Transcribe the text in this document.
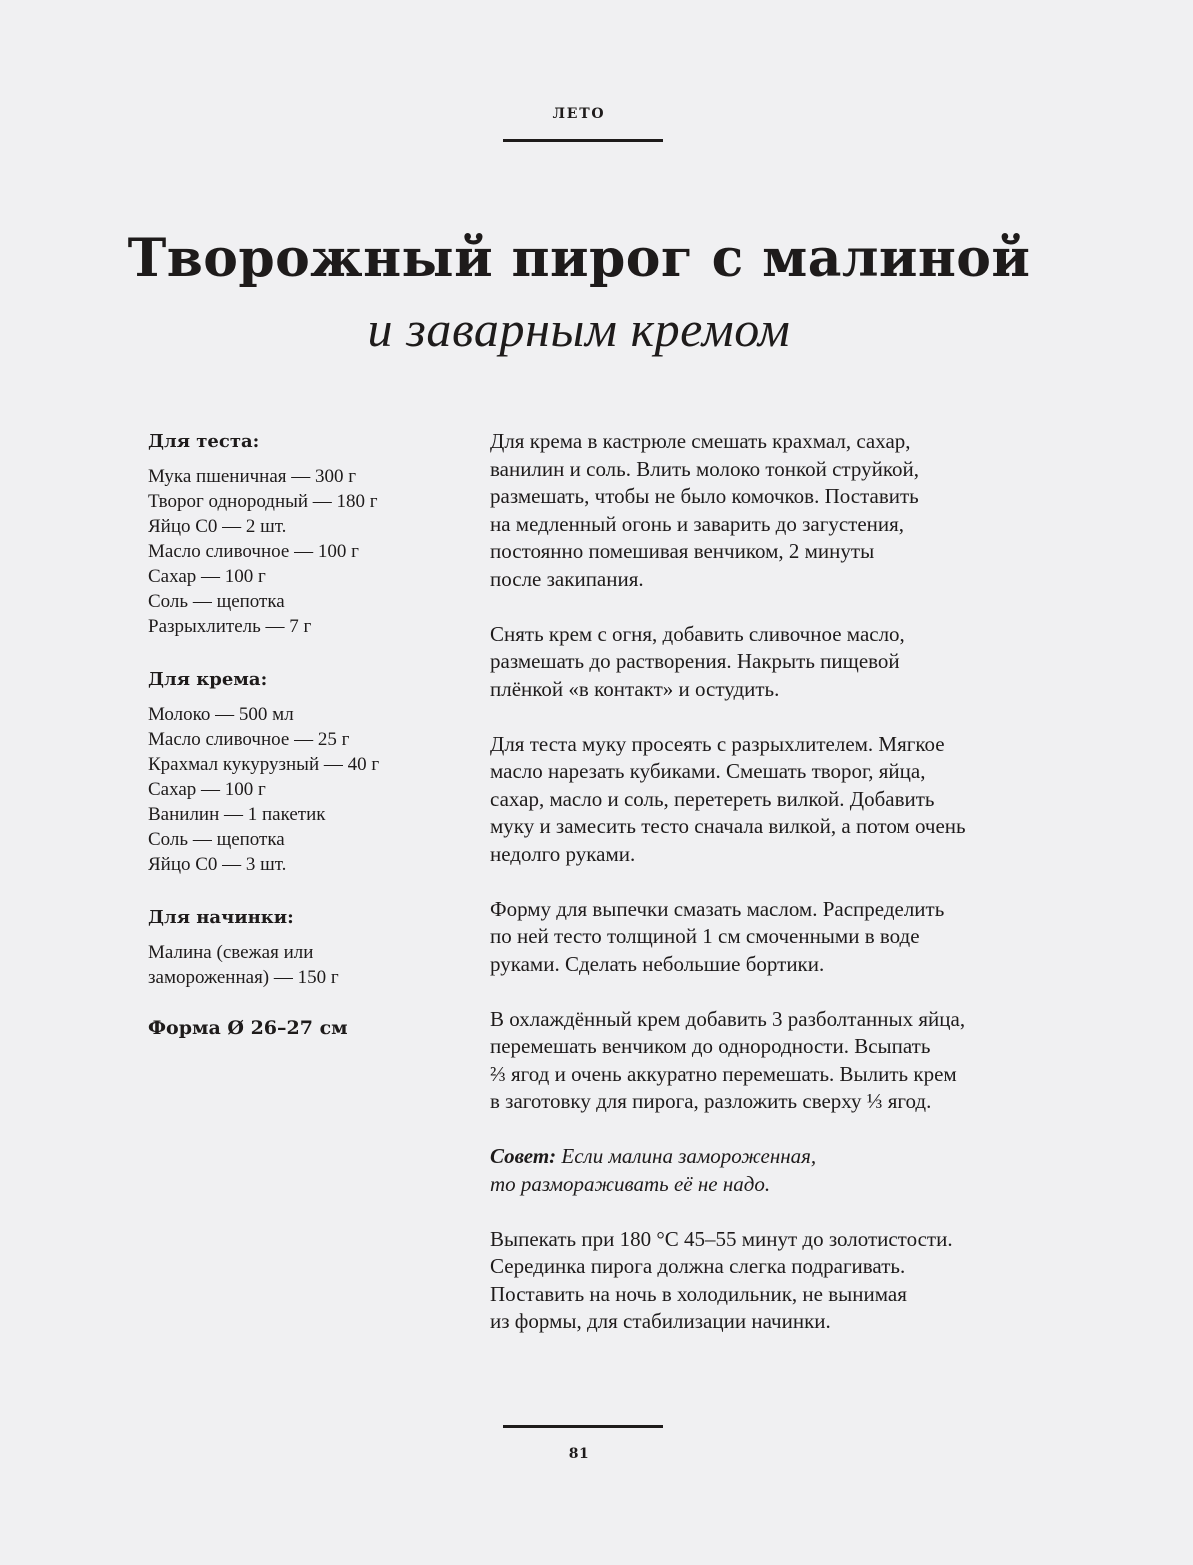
ЛЕТО
Творожный пирог с малиной
и заварным кремом
Для теста:
Мука пшеничная — 300 г
Творог однородный — 180 г
Яйцо С0 — 2 шт.
Масло сливочное — 100 г
Сахар — 100 г
Соль — щепотка
Разрыхлитель — 7 г
Для крема:
Молоко — 500 мл
Масло сливочное — 25 г
Крахмал кукурузный — 40 г
Сахар — 100 г
Ванилин — 1 пакетик
Соль — щепотка
Яйцо С0 — 3 шт.
Для начинки:
Малина (свежая или
замороженная) — 150 г
Форма Ø 26–27 см
Для крема в кастрюле смешать крахмал, сахар,
ванилин и соль. Влить молоко тонкой струйкой,
размешать, чтобы не было комочков. Поставить
на медленный огонь и заварить до загустения,
постоянно помешивая венчиком, 2 минуты
после закипания.
Снять крем с огня, добавить сливочное масло,
размешать до растворения. Накрыть пищевой
плёнкой «в контакт» и остудить.
Для теста муку просеять с разрыхлителем. Мягкое
масло нарезать кубиками. Смешать творог, яйца,
сахар, масло и соль, перетереть вилкой. Добавить
муку и замесить тесто сначала вилкой, а потом очень
недолго руками.
Форму для выпечки смазать маслом. Распределить
по ней тесто толщиной 1 см смоченными в воде
руками. Сделать небольшие бортики.
В охлаждённый крем добавить 3 разболтанных яйца,
перемешать венчиком до однородности. Всыпать
⅔ ягод и очень аккуратно перемешать. Вылить крем
в заготовку для пирога, разложить сверху ⅓ ягод.
Совет: Если малина замороженная,
то размораживать её не надо.
Выпекать при 180 °С 45–55 минут до золотистости.
Серединка пирога должна слегка подрагивать.
Поставить на ночь в холодильник, не вынимая
из формы, для стабилизации начинки.
81
